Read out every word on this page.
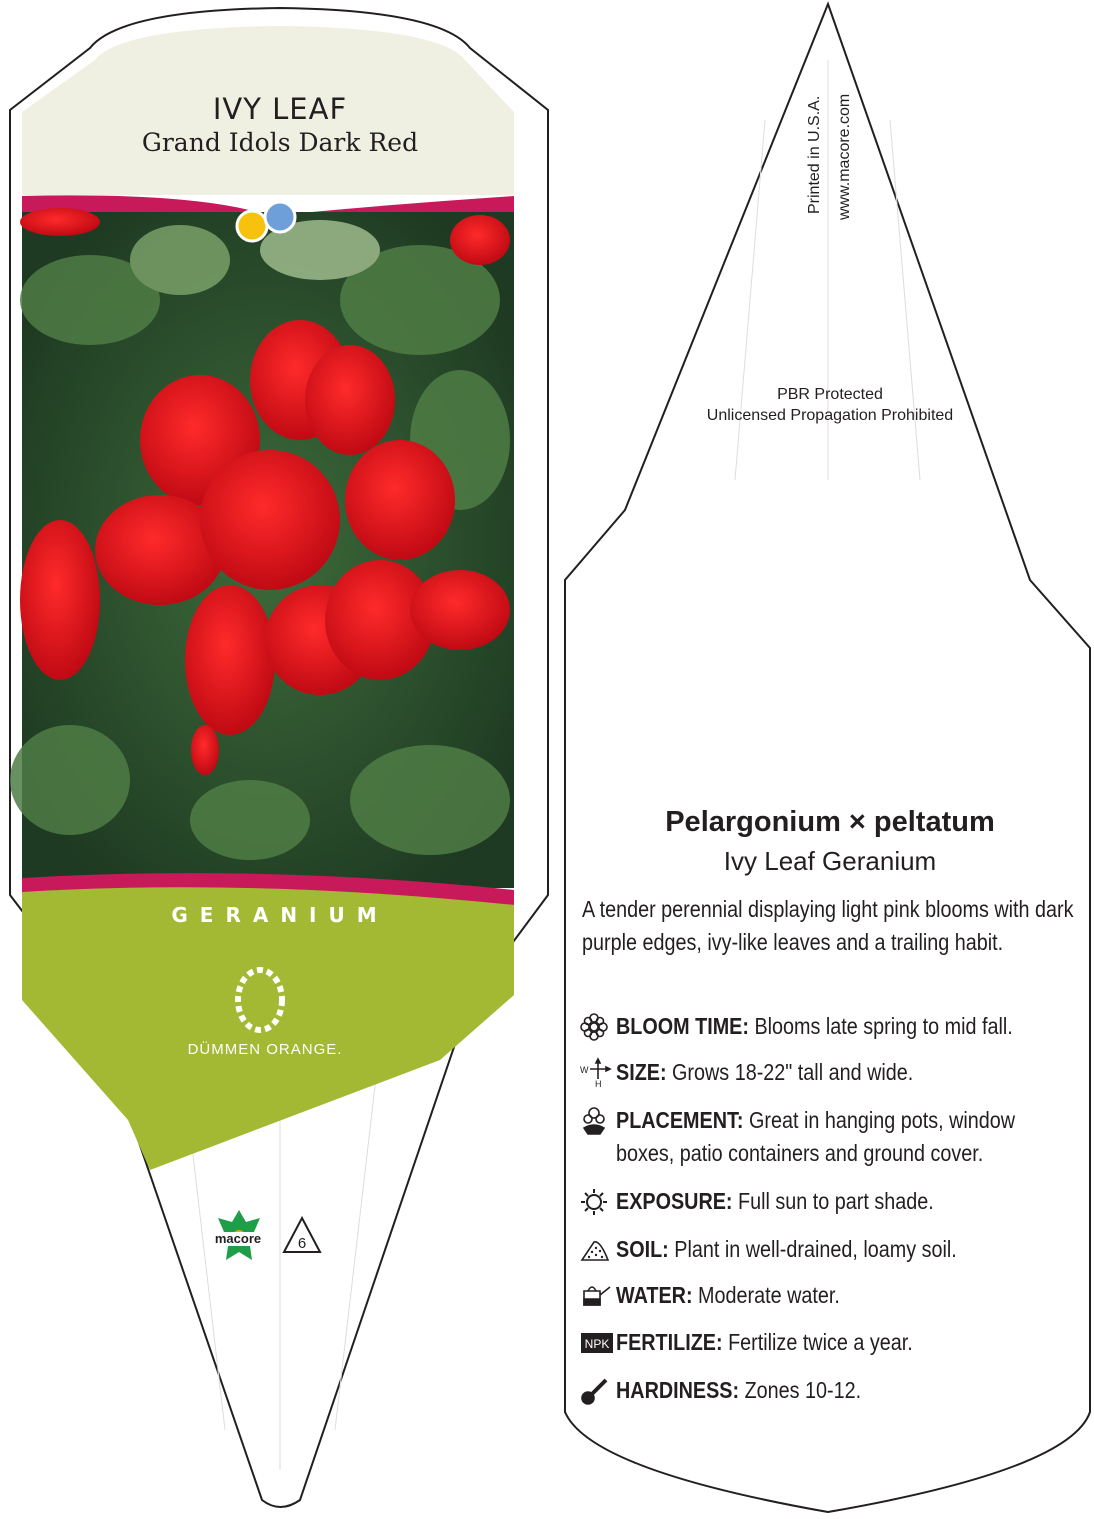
IVY LEAF
Grand Idols Dark Red
GERANIUM
DÜMMEN ORANGE.
macore 6
Printed in U.S.A. www.macore.com
PBR Protected
Unlicensed Propagation Prohibited
Pelargonium × peltatum
Ivy Leaf Geranium
A tender perennial displaying light pink blooms with dark purple edges, ivy-like leaves and a trailing habit.
BLOOM TIME: Blooms late spring to mid fall.
W
H SIZE: Grows 18-22" tall and wide.
PLACEMENT: Great in hanging pots, window boxes, patio containers and ground cover.
EXPOSURE: Full sun to part shade.
SOIL: Plant in well-drained, loamy soil.
WATER: Moderate water.
NPK FERTILIZE: Fertilize twice a year.
HARDINESS: Zones 10-12.
